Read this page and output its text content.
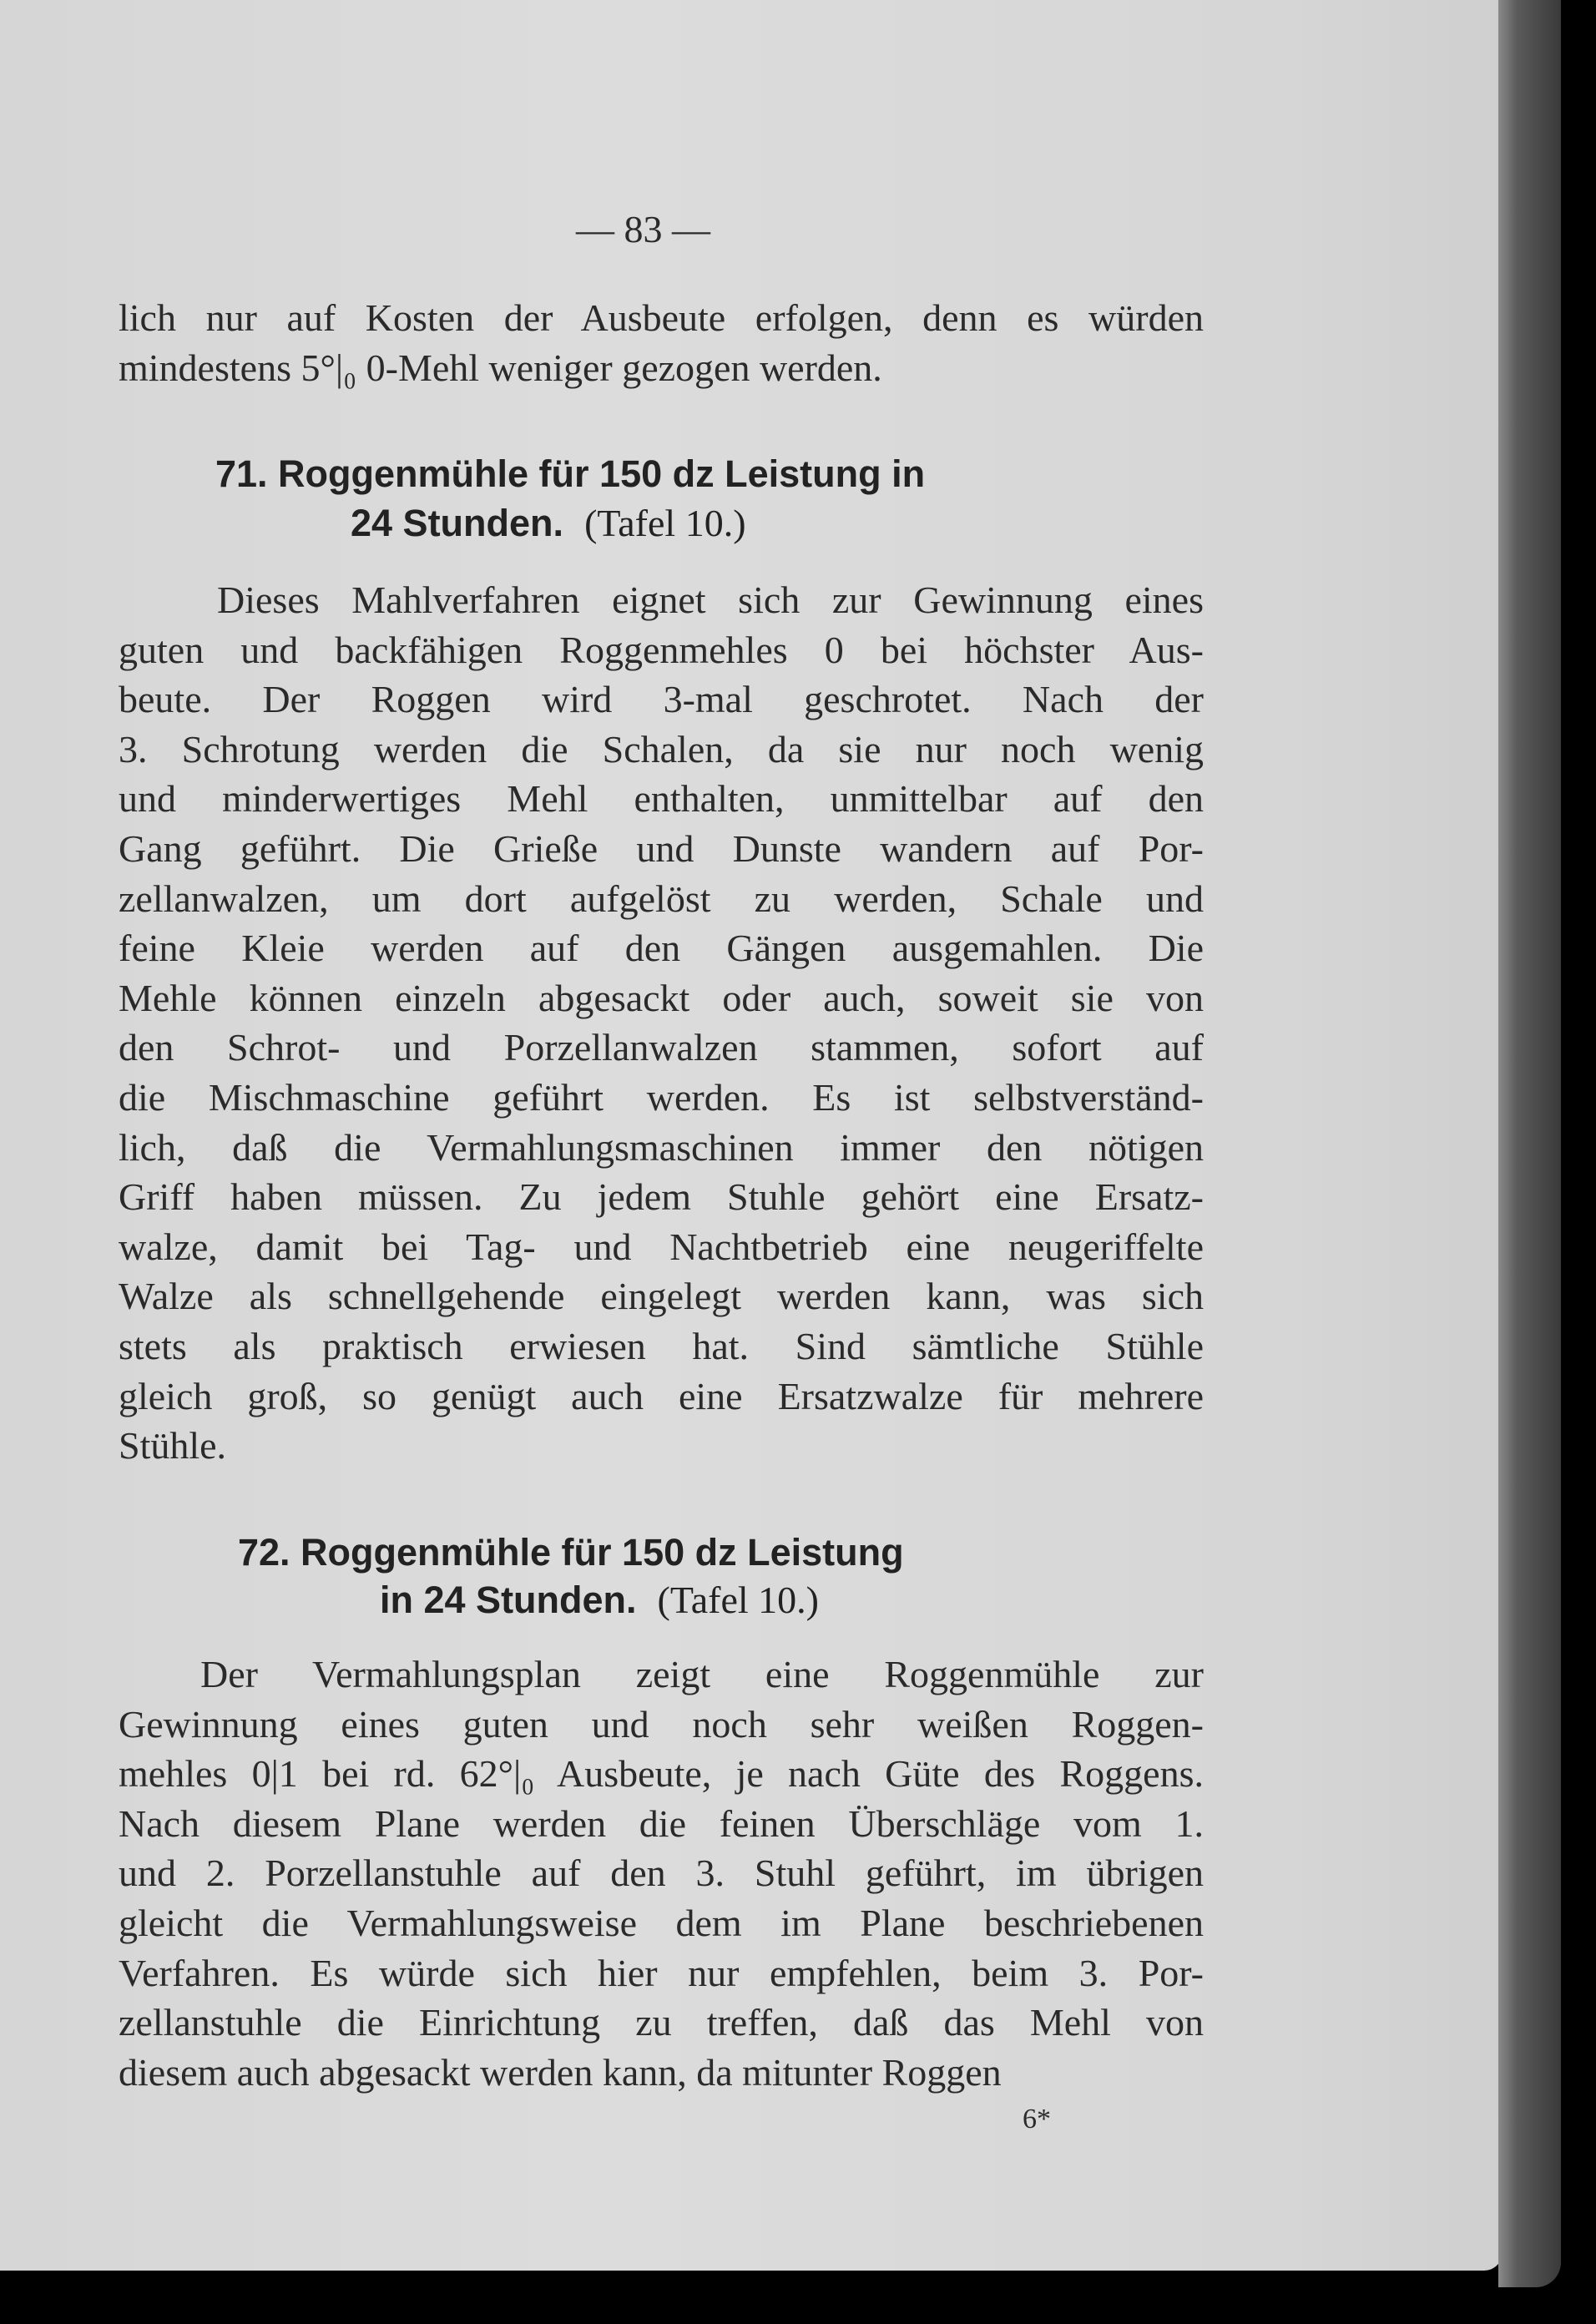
— 83 —
lich nur auf Kosten der Ausbeute erfolgen, denn es würden
mindestens 5°|₀ 0-Mehl weniger gezogen werden.
71. Roggenmühle für 150 dz Leistung in
24 Stunden. (Tafel 10.)
Dieses Mahlverfahren eignet sich zur Gewinnung eines
guten und backfähigen Roggenmehles 0 bei höchster Aus-
beute. Der Roggen wird 3-mal geschrotet. Nach der
3. Schrotung werden die Schalen, da sie nur noch wenig
und minderwertiges Mehl enthalten, unmittelbar auf den
Gang geführt. Die Grieße und Dunste wandern auf Por-
zellanwalzen, um dort aufgelöst zu werden, Schale und
feine Kleie werden auf den Gängen ausgemahlen. Die
Mehle können einzeln abgesackt oder auch, soweit sie von
den Schrot- und Porzellanwalzen stammen, sofort auf
die Mischmaschine geführt werden. Es ist selbstverständ-
lich, daß die Vermahlungsmaschinen immer den nötigen
Griff haben müssen. Zu jedem Stuhle gehört eine Ersatz-
walze, damit bei Tag- und Nachtbetrieb eine neugeriffelte
Walze als schnellgehende eingelegt werden kann, was sich
stets als praktisch erwiesen hat. Sind sämtliche Stühle
gleich groß, so genügt auch eine Ersatzwalze für mehrere
Stühle.
72. Roggenmühle für 150 dz Leistung
in 24 Stunden. (Tafel 10.)
Der Vermahlungsplan zeigt eine Roggenmühle zur
Gewinnung eines guten und noch sehr weißen Roggen-
mehles 0|1 bei rd. 62°|₀ Ausbeute, je nach Güte des Roggens.
Nach diesem Plane werden die feinen Überschläge vom 1.
und 2. Porzellanstuhle auf den 3. Stuhl geführt, im übrigen
gleicht die Vermahlungsweise dem im Plane beschriebenen
Verfahren. Es würde sich hier nur empfehlen, beim 3. Por-
zellanstuhle die Einrichtung zu treffen, daß das Mehl von
diesem auch abgesackt werden kann, da mitunter Roggen
6*
